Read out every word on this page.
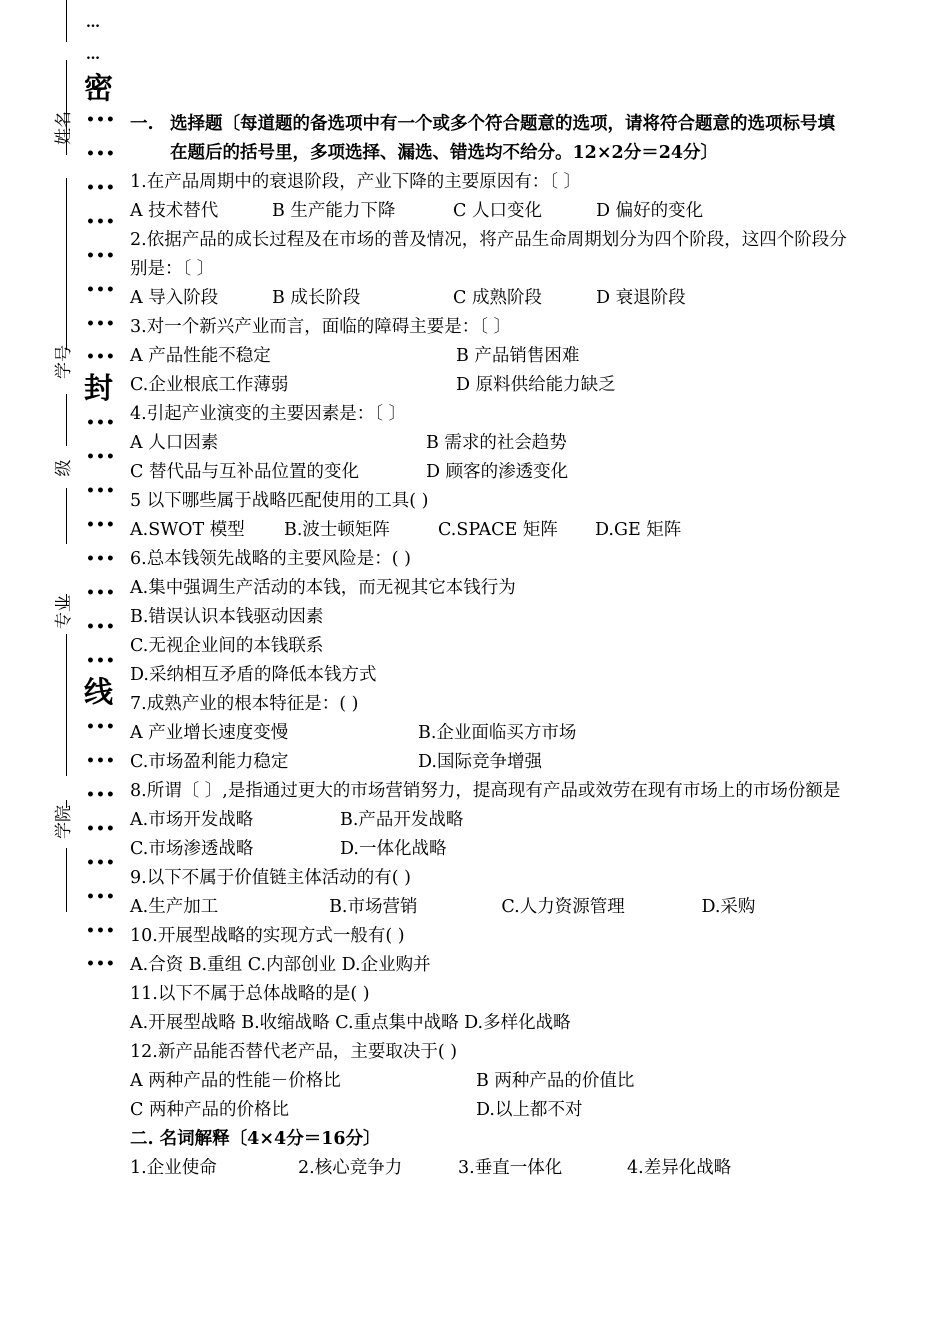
姓名
学号
级
专业
学院
…
…
密
•••
•••
•••
•••
•••
•••
•••
•••
封
•••
•••
•••
•••
•••
•••
•••
•••
线
•••
•••
•••
•••
•••
•••
•••
•••
一. 选择题〔每道题的备选项中有一个或多个符合题意的选项，请将符合题意的选项标号填在题后的括号里，多项选择、漏选、错选均不给分。12×2分＝24分〕
1.在产品周期中的衰退阶段，产业下降的主要原因有：〔 〕
A 技术替代	B 生产能力下降	C 人口变化	D 偏好的变化
2.依据产品的成长过程及在市场的普及情况，将产品生命周期划分为四个阶段，这四个阶段分别是：〔 〕
A 导入阶段	B 成长阶段	C 成熟阶段	D 衰退阶段
3.对一个新兴产业而言，面临的障碍主要是：〔 〕
A 产品性能不稳定	B 产品销售困难
C.企业根底工作薄弱	D 原料供给能力缺乏
4.引起产业演变的主要因素是：〔 〕
A 人口因素	B 需求的社会趋势
C 替代品与互补品位置的变化	D 顾客的渗透变化
5 以下哪些属于战略匹配使用的工具( )
A.SWOT 模型	B.波士顿矩阵	C.SPACE 矩阵	D.GE 矩阵
6.总本钱领先战略的主要风险是：( )
A.集中强调生产活动的本钱，而无视其它本钱行为
B.错误认识本钱驱动因素
C.无视企业间的本钱联系
D.采纳相互矛盾的降低本钱方式
7.成熟产业的根本特征是：( )
A 产业增长速度变慢	B.企业面临买方市场
C.市场盈利能力稳定	D.国际竞争增强
8.所谓〔 〕,是指通过更大的市场营销努力，提高现有产品或效劳在现有市场上的市场份额是
A.市场开发战略	B.产品开发战略
C.市场渗透战略	D.一体化战略
9.以下不属于价值链主体活动的有( )
A.生产加工	B.市场营销	C.人力资源管理	D.采购
10.开展型战略的实现方式一般有( )
A.合资 B.重组 C.内部创业 D.企业购并
11.以下不属于总体战略的是( )
A.开展型战略 B.收缩战略 C.重点集中战略 D.多样化战略
12.新产品能否替代老产品，主要取决于( )
A 两种产品的性能－价格比	B 两种产品的价值比
C 两种产品的价格比	D.以上都不对
二. 名词解释〔4×4分＝16分〕
1.企业使命	2.核心竞争力	3.垂直一体化	4.差异化战略
